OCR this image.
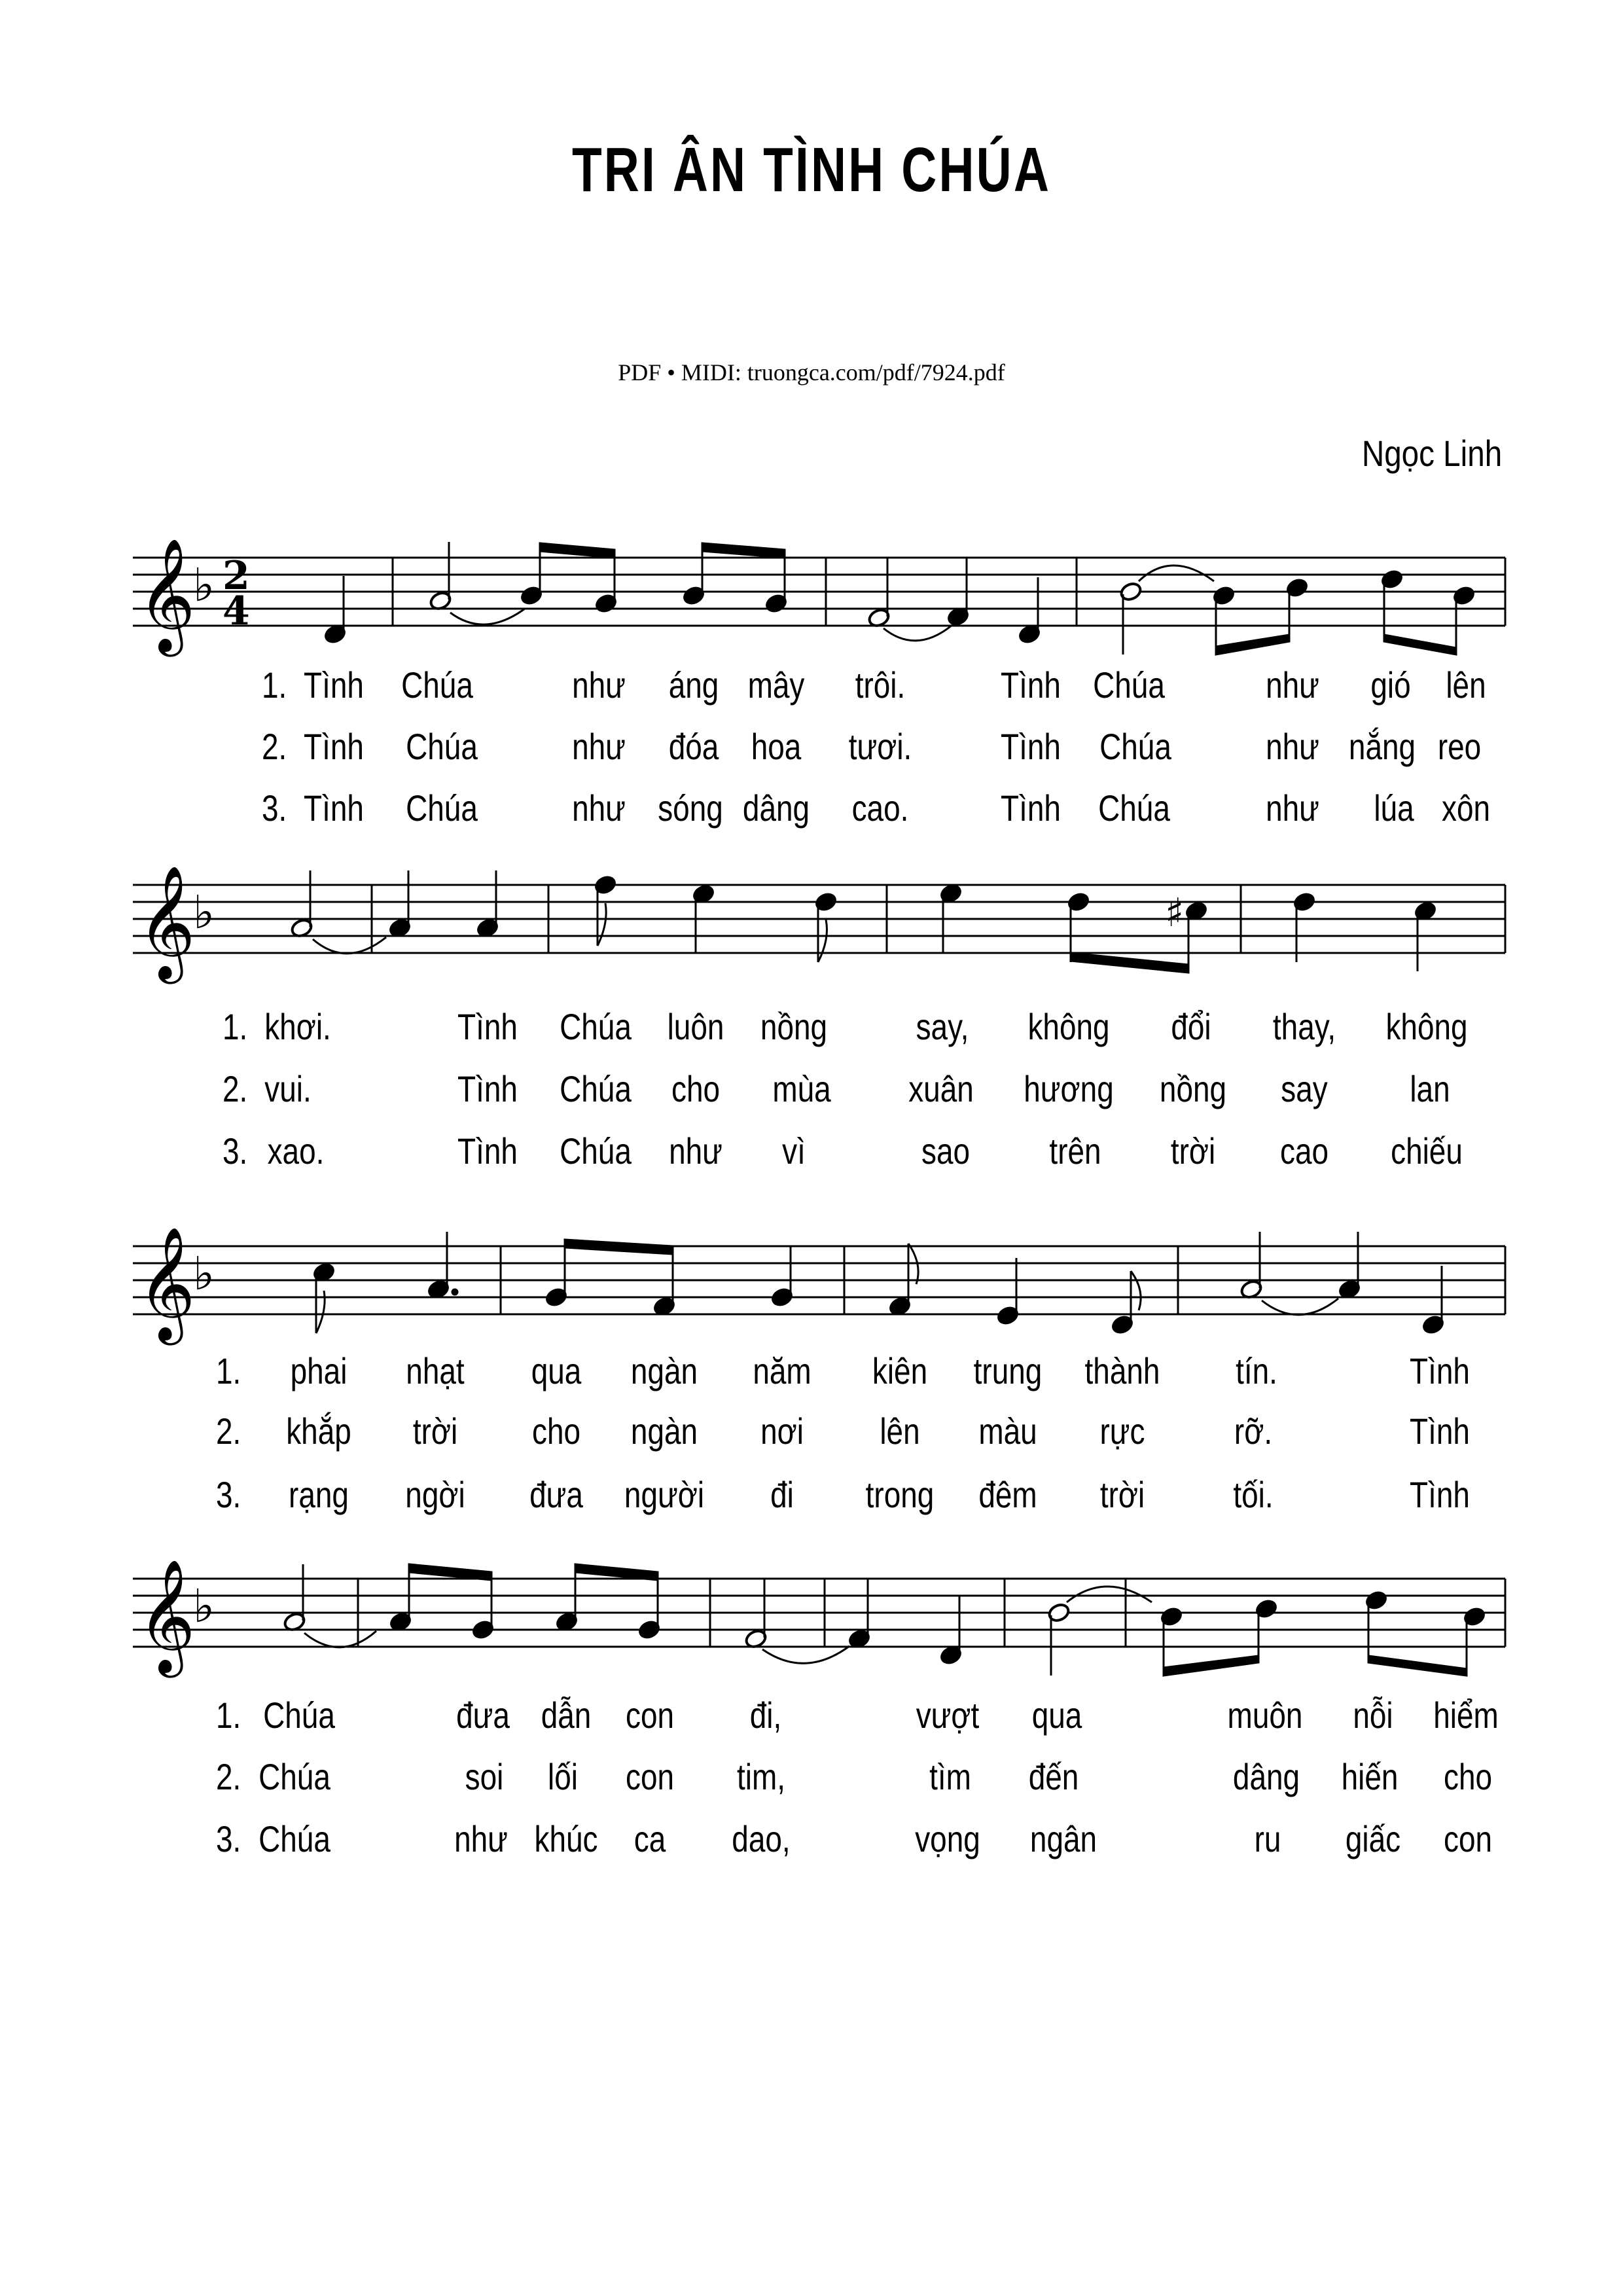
TRI ÂN TÌNH CHÚA
PDF • MIDI: truongca.com/pdf/7924.pdf
Ngọc Linh
𝄞
♭ 2
4
1. Tình Chúa	như áng mây trôi.	Tình Chúa	như gió lên
2. Tình Chúa	như đóa hoa tươi. Tình Chúa	như nắng reo
3. Tình Chúa	như sóng dâng cao.	Tình Chúa	như lúa xôn
𝄞
♭	♯
1. khơi.	Tình Chúa luôn nồng say, không đổi thay, không
2. vui.	Tình Chúa cho mùa xuân hương nồng say lan
3. xao.	Tình Chúa như vì	sao trên trời cao chiếu
𝄞
♭
1. phai nhạt qua ngàn năm kiên trung thành tín.	Tình
2. khắp trời cho ngàn nơi lên màu rực rỡ.	Tình
3. rạng ngời đưa người đi trong đêm trời tối.	Tình
𝄞
♭
1. Chúa	đưa dẫn con đi,	vượt qua	muôn nỗi hiểm
2. Chúa	soi lối con tim,	tìm đến	dâng hiến cho
3. Chúa	như khúc ca dao,	vọng ngân	ru giấc con
